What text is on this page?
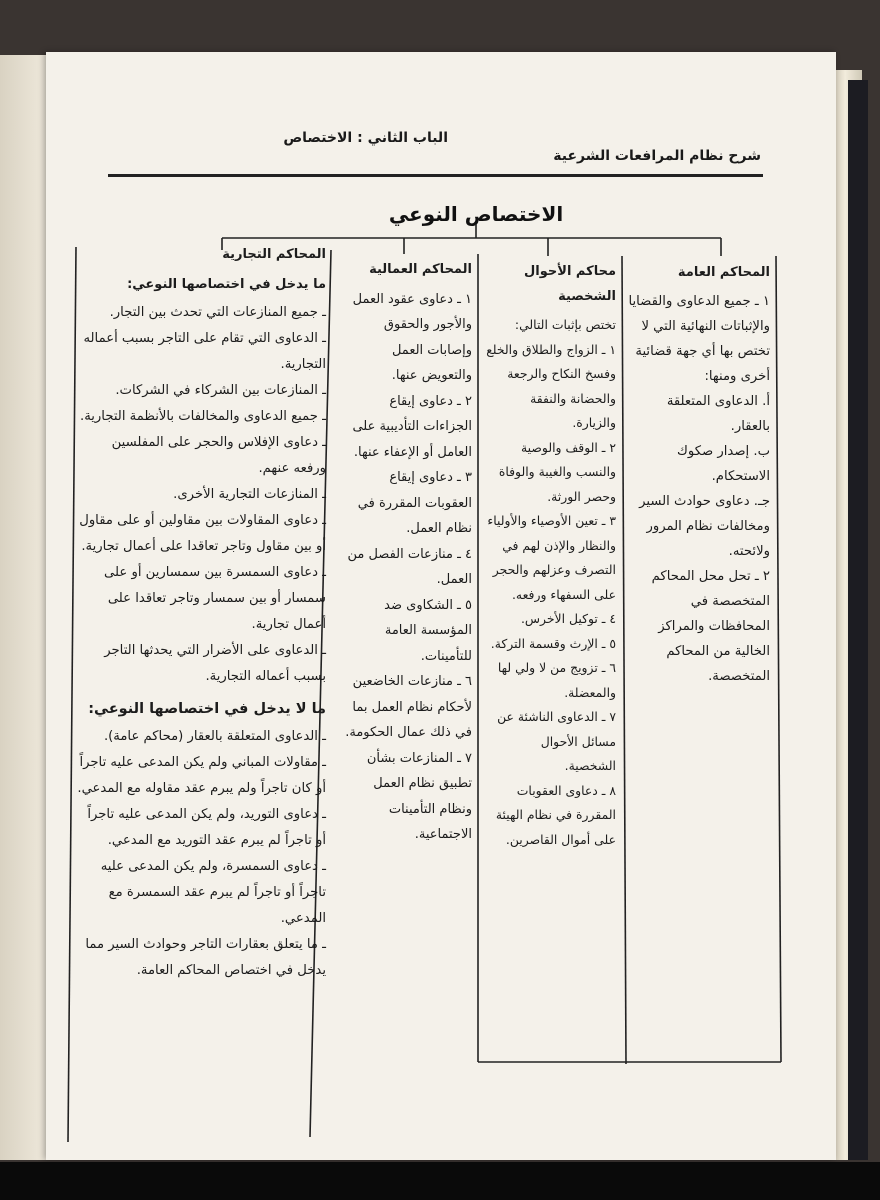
الباب الثاني : الاختصاص
شرح نظام المرافعات الشرعية
الاختصاص النوعي
المحاكم العامة

١ ـ جميع الدعاوى والقضايا والإثباتات النهائية التي لا تختص بها أي جهة قضائية أخرى ومنها:

أ. الدعاوى المتعلقة بالعقار.

ب. إصدار صكوك الاستحكام.

جـ. دعاوى حوادث السير ومخالفات نظام المرور ولائحته.

٢ ـ تحل محل المحاكم المتخصصة في المحافظات والمراكز الخالية من المحاكم المتخصصة.

محاكم الأحوال الشخصية

تختص بإثبات التالي:

١ ـ الزواج والطلاق والخلع وفسخ النكاح والرجعة والحضانة والنفقة والزيارة.

٢ ـ الوقف والوصية والنسب والغيبة والوفاة وحصر الورثة.

٣ ـ تعين الأوصياء والأولياء والنظار والإذن لهم في التصرف وعزلهم والحجر على السفهاء ورفعه.

٤ ـ توكيل الأخرس.

٥ ـ الإرث وقسمة التركة.

٦ ـ تزويج من لا ولي لها والمعضلة.

٧ ـ الدعاوى الناشئة عن مسائل الأحوال الشخصية.

٨ ـ دعاوى العقوبات المقررة في نظام الهيئة على أموال القاصرين.

المحاكم العمالية

١ ـ دعاوى عقود العمل والأجور والحقوق وإصابات العمل والتعويض عنها.

٢ ـ دعاوى إيقاع الجزاءات التأديبية على العامل أو الإعفاء عنها.

٣ ـ دعاوى إيقاع العقوبات المقررة في نظام العمل.

٤ ـ منازعات الفصل من العمل.

٥ ـ الشكاوى ضد المؤسسة العامة للتأمينات.

٦ ـ منازعات الخاضعين لأحكام نظام العمل بما في ذلك عمال الحكومة.

٧ ـ المنازعات بشأن تطبيق نظام العمل ونظام التأمينات الاجتماعية.

المحاكم التجارية
ما يدخل في اختصاصها النوعي:

ـ جميع المنازعات التي تحدث بين التجار.

ـ الدعاوى التي تقام على التاجر بسبب أعماله التجارية.

ـ المنازعات بين الشركاء في الشركات.

ـ جميع الدعاوى والمخالفات بالأنظمة التجارية.

ـ دعاوى الإفلاس والحجر على المفلسين ورفعه عنهم.

ـ المنازعات التجارية الأخرى.

ـ دعاوى المقاولات بين مقاولين أو على مقاول أو بين مقاول وتاجر تعاقدا على أعمال تجارية.

ـ دعاوى السمسرة بين سمسارين أو على سمسار أو بين سمسار وتاجر تعاقدا على أعمال تجارية.

ـ الدعاوى على الأضرار التي يحدثها التاجر بسبب أعماله التجارية.

ما لا يدخل في اختصاصها النوعي:

ـ الدعاوى المتعلقة بالعقار (محاكم عامة).

ـ مقاولات المباني ولم يكن المدعى عليه تاجراً أو كان تاجراً ولم يبرم عقد مقاوله مع المدعي.

ـ دعاوى التوريد، ولم يكن المدعى عليه تاجراً أو تاجراً لم يبرم عقد التوريد مع المدعي.

ـ دعاوى السمسرة، ولم يكن المدعى عليه تاجراً أو تاجراً لم يبرم عقد السمسرة مع المدعي.

ـ ما يتعلق بعقارات التاجر وحوادث السير مما يدخل في اختصاص المحاكم العامة.
